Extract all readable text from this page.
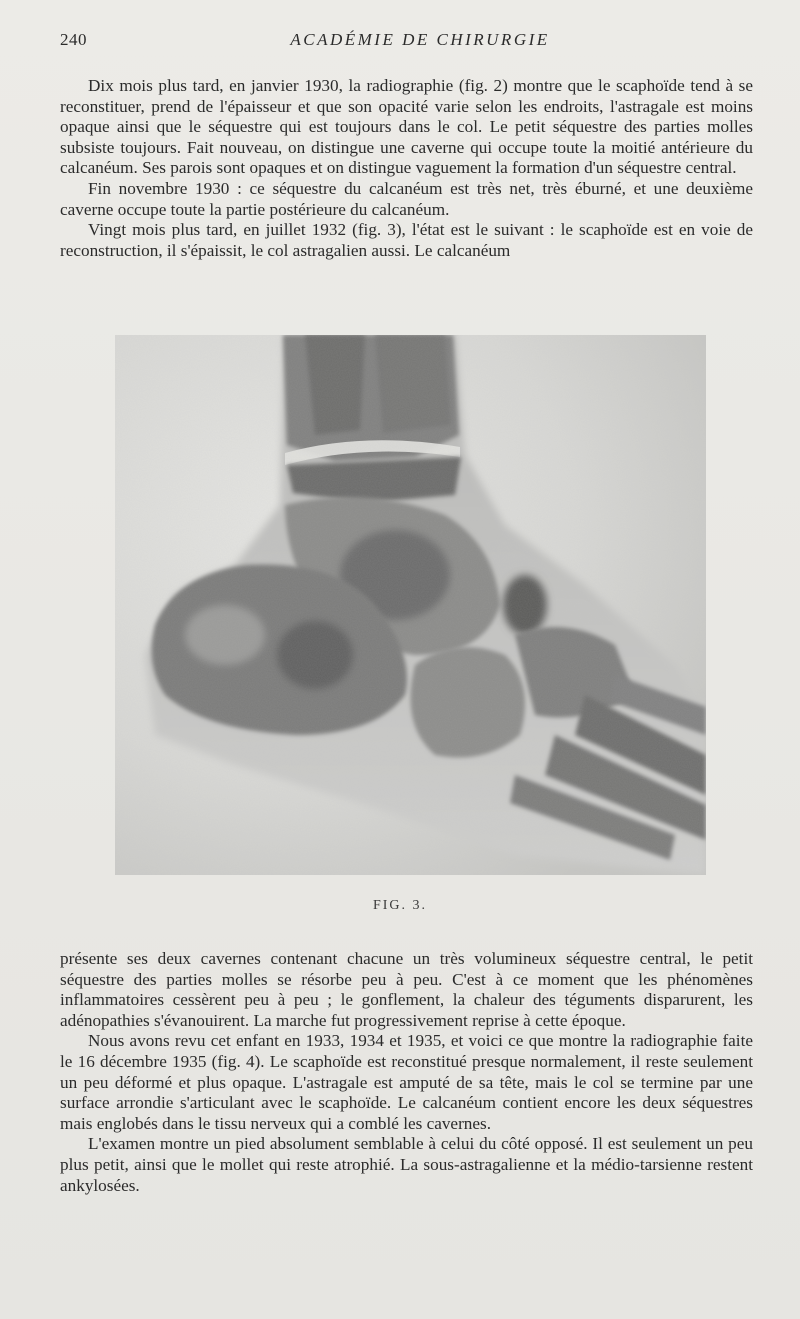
240	ACADÉMIE DE CHIRURGIE

Dix mois plus tard, en janvier 1930, la radiographie (fig. 2) montre que le scaphoïde tend à se reconstituer, prend de l'épaisseur et que son opacité varie selon les endroits, l'astragale est moins opaque ainsi que le séquestre qui est toujours dans le col. Le petit séquestre des parties molles subsiste toujours. Fait nouveau, on distingue une caverne qui occupe toute la moitié antérieure du calcanéum. Ses parois sont opaques et on distingue vaguement la formation d'un séquestre central.

Fin novembre 1930 : ce séquestre du calcanéum est très net, très éburné, et une deuxième caverne occupe toute la partie postérieure du calcanéum.

Vingt mois plus tard, en juillet 1932 (fig. 3), l'état est le suivant : le scaphoïde est en voie de reconstruction, il s'épaissit, le col astragalien aussi. Le calcanéum

FIG. 3.

présente ses deux cavernes contenant chacune un très volumineux séquestre central, le petit séquestre des parties molles se résorbe peu à peu. C'est à ce moment que les phénomènes inflammatoires cessèrent peu à peu ; le gonflement, la chaleur des téguments disparurent, les adénopathies s'évanouirent. La marche fut progressivement reprise à cette époque.

Nous avons revu cet enfant en 1933, 1934 et 1935, et voici ce que montre la radiographie faite le 16 décembre 1935 (fig. 4). Le scaphoïde est reconstitué presque normalement, il reste seulement un peu déformé et plus opaque. L'astragale est amputé de sa tête, mais le col se termine par une surface arrondie s'articulant avec le scaphoïde. Le calcanéum contient encore les deux séquestres mais englobés dans le tissu nerveux qui a comblé les cavernes.

L'examen montre un pied absolument semblable à celui du côté opposé. Il est seulement un peu plus petit, ainsi que le mollet qui reste atrophié. La sous-astragalienne et la médio-tarsienne restent ankylosées.
